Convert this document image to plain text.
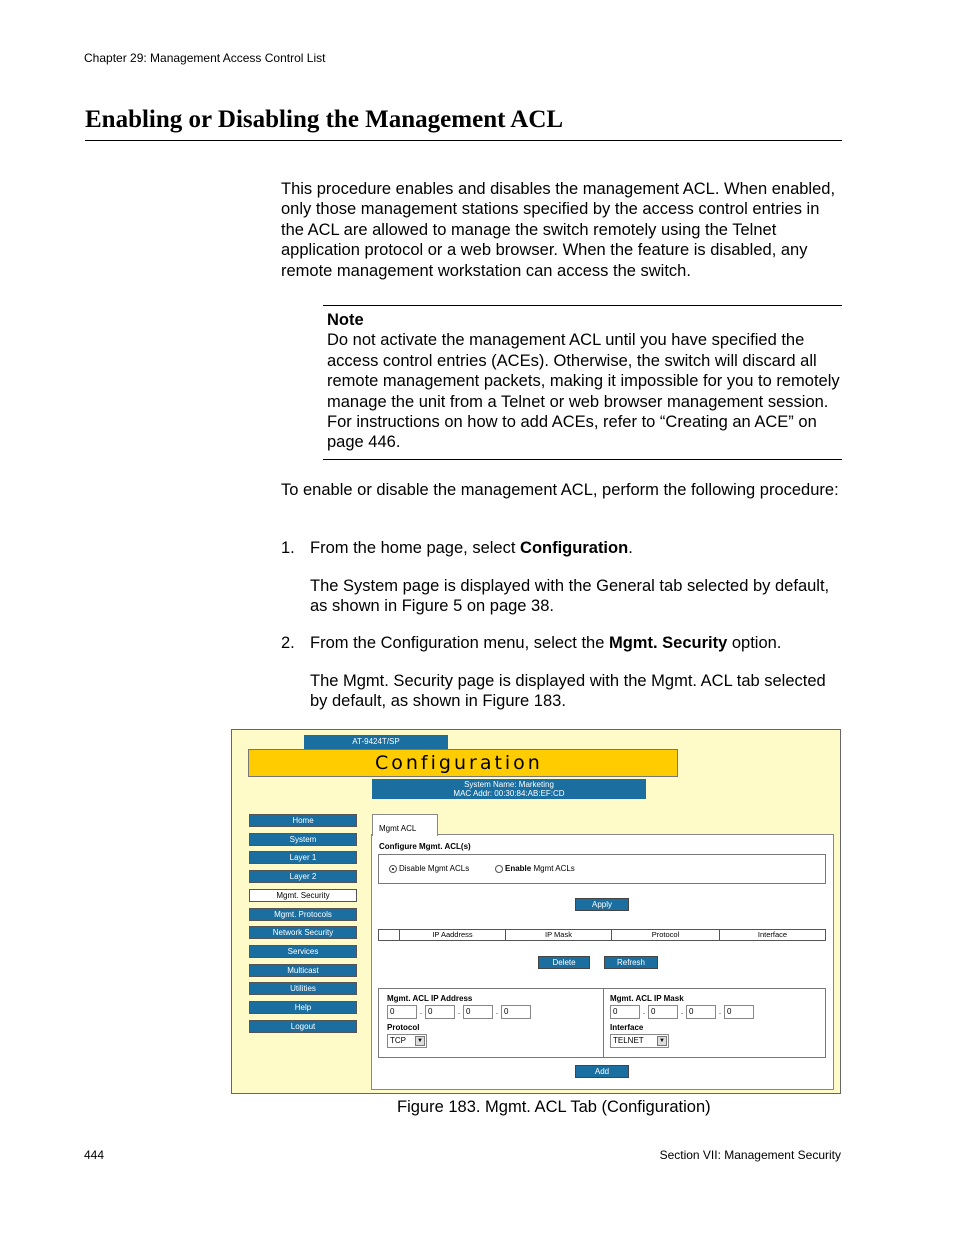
Chapter 29: Management Access Control List
Enabling or Disabling the Management ACL
This procedure enables and disables the management ACL. When enabled, only those management stations specified by the access control entries in the ACL are allowed to manage the switch remotely using the Telnet application protocol or a web browser. When the feature is disabled, any remote management workstation can access the switch.
Note
Do not activate the management ACL until you have specified the access control entries (ACEs). Otherwise, the switch will discard all remote management packets, making it impossible for you to remotely manage the unit from a Telnet or web browser management session. For instructions on how to add ACEs, refer to “Creating an ACE” on page 446.
To enable or disable the management ACL, perform the following procedure:
1. From the home page, select Configuration.
The System page is displayed with the General tab selected by default, as shown in Figure 5 on page 38.
2. From the Configuration menu, select the Mgmt. Security option.
The Mgmt. Security page is displayed with the Mgmt. ACL tab selected by default, as shown in Figure 183.
AT-9424T/SP
Configuration
System Name: Marketing
MAC Addr: 00:30:84:AB:EF:CD
Home
System
Layer 1
Layer 2
Mgmt. Security
Mgmt. Protocols
Network Security
Services
Multicast
Utilities
Help
Logout
Configure Mgmt. ACL(s)
Disable Mgmt ACLs	Enable Mgmt ACLs
Apply
IP Aaddress	IP Mask	Protocol	Interface
Delete	Refresh
Mgmt. ACL IP Address
0	. 0	. 0	. 0
Protocol
TCP	▼
Mgmt. ACL IP Mask
0	. 0	. 0	. 0
Interface
TELNET	▼
Add
Mgmt ACL
Figure 183. Mgmt. ACL Tab (Configuration)
444	Section VII: Management Security
